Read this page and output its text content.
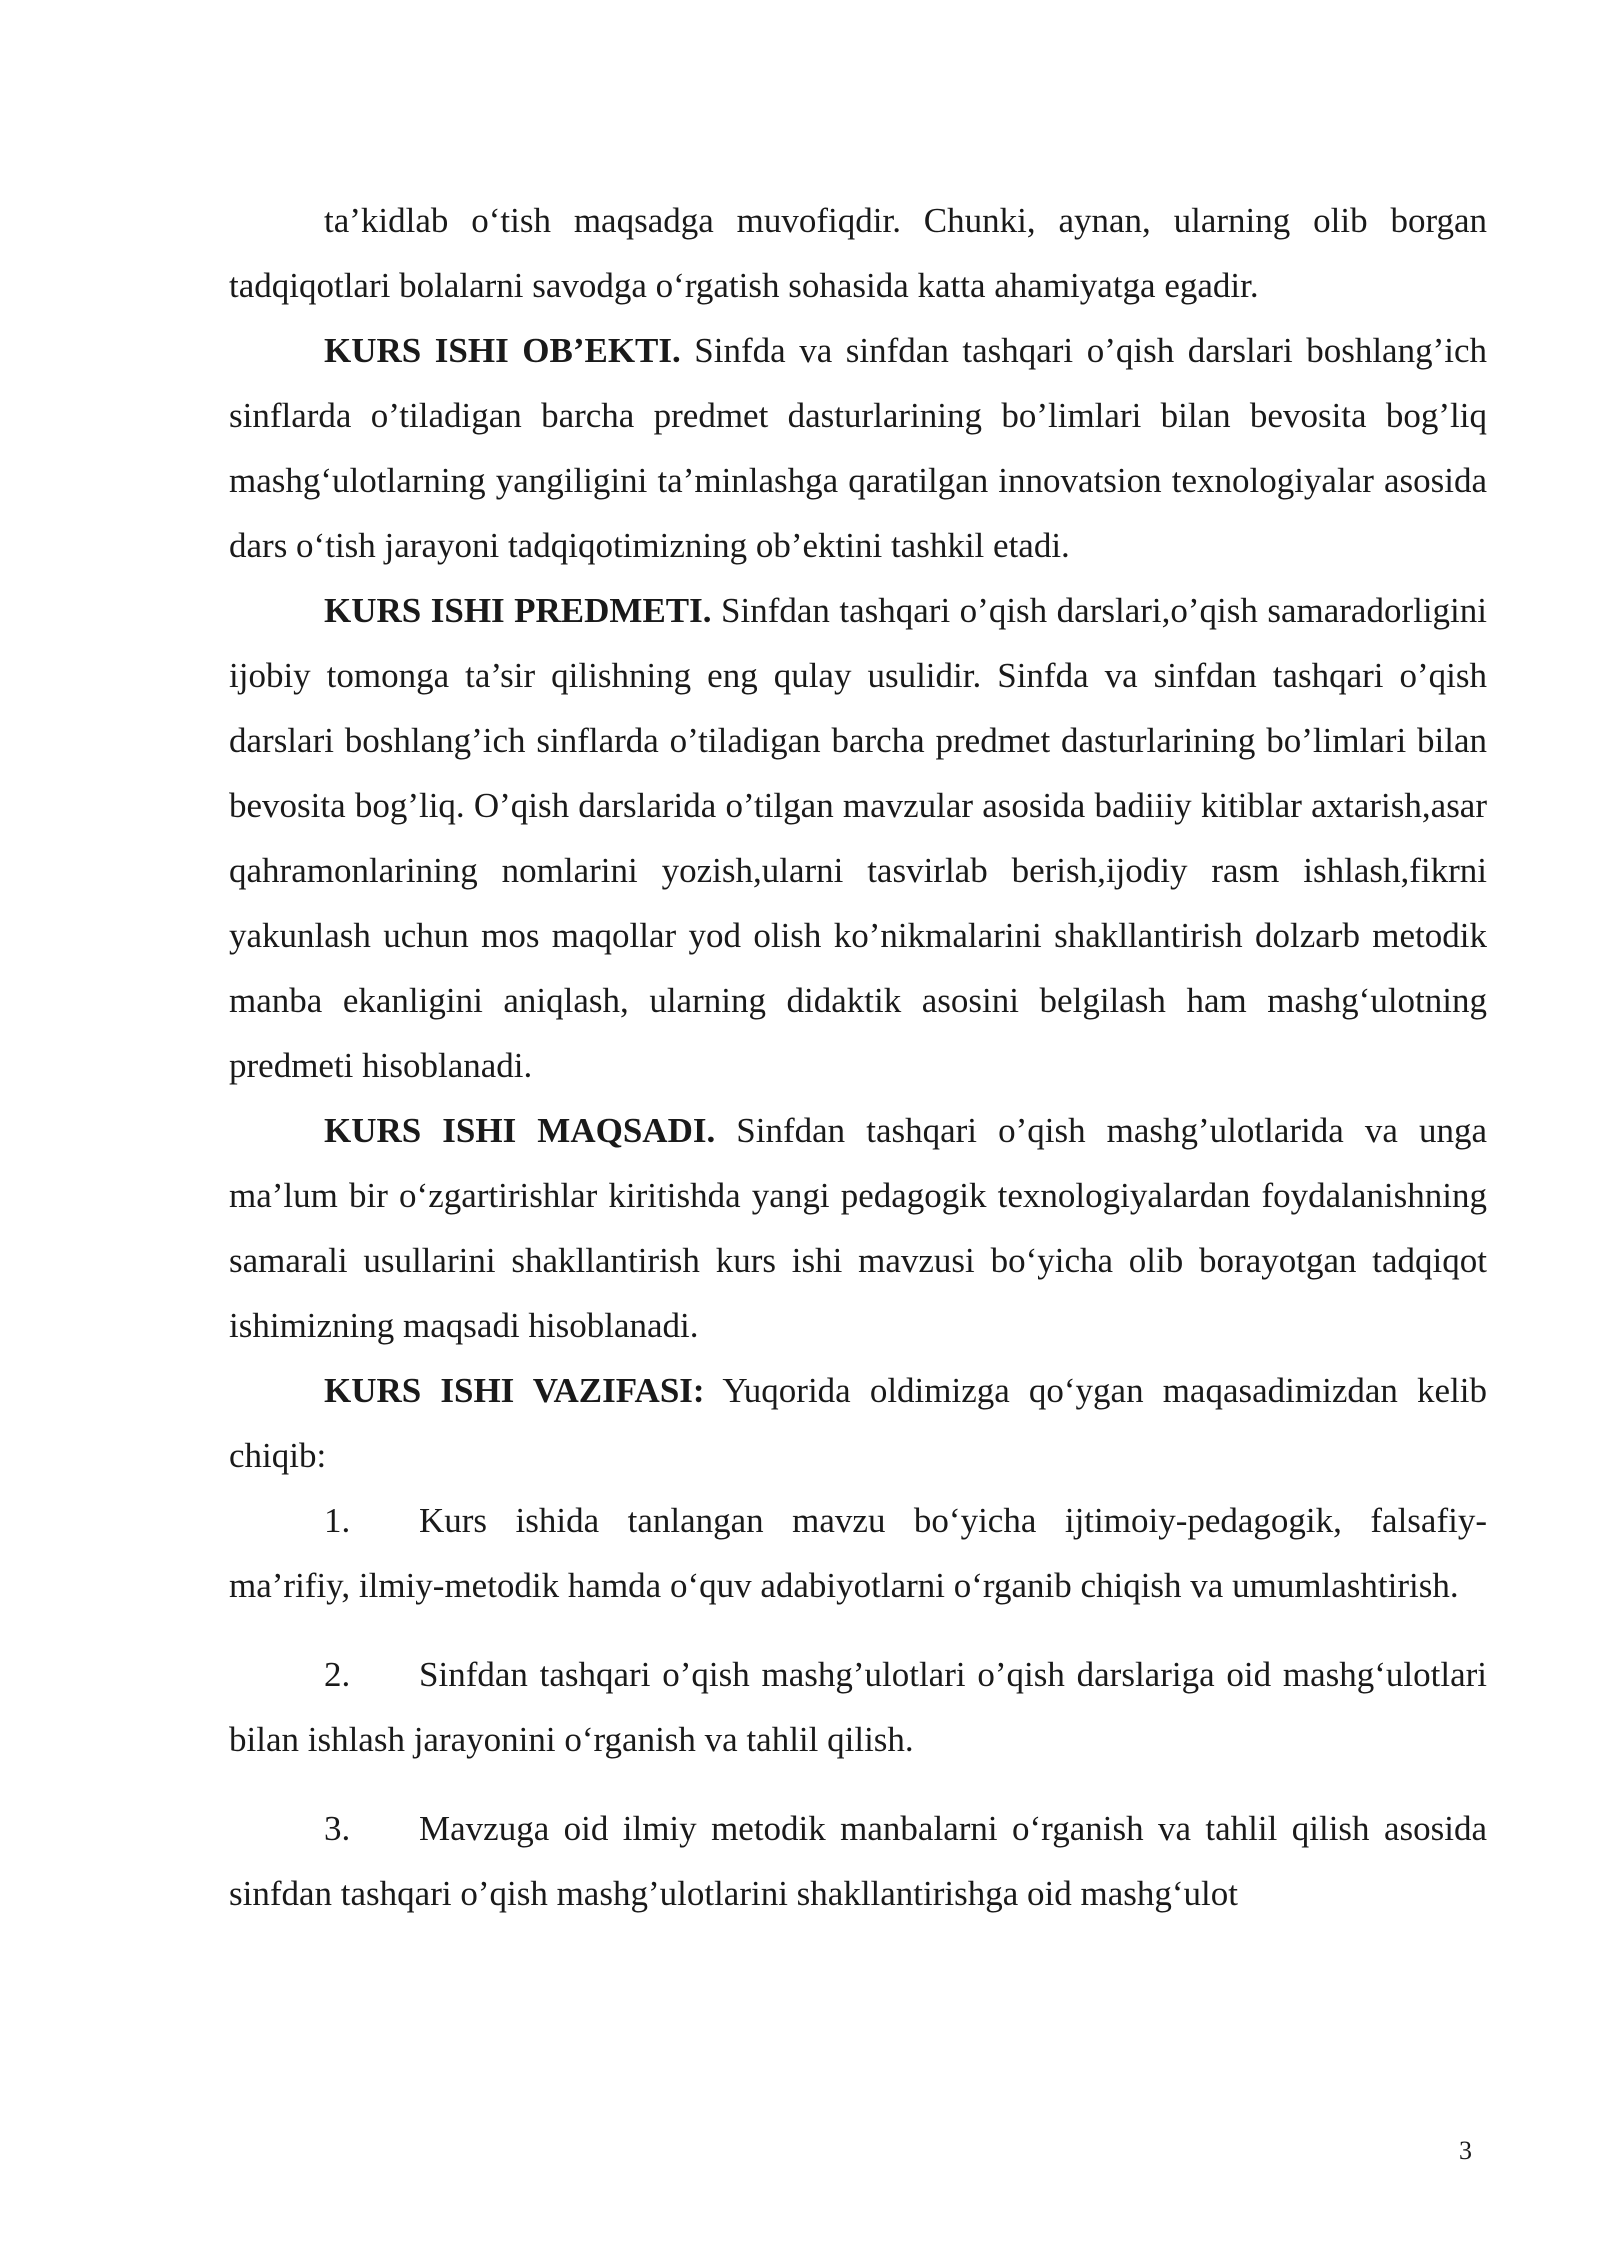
ta’kidlab o‘tish maqsadga muvofiqdir. Chunki, aynan, ularning olib borgan tadqiqotlari bolalarni savodga o‘rgatish sohasida katta ahamiyatga egadir.

KURS ISHI OB’EKTI. Sinfda va sinfdan tashqari o’qish darslari boshlang’ich sinflarda o’tiladigan barcha predmet dasturlarining bo’limlari bilan bevosita bog’liq mashg‘ulotlarning yangiligini ta’minlashga qaratilgan innovatsion texnologiyalar asosida dars o‘tish jarayoni tadqiqotimizning ob’ektini tashkil etadi.

KURS ISHI PREDMETI. Sinfdan tashqari o’qish darslari,o’qish samaradorligini ijobiy tomonga ta’sir qilishning eng qulay usulidir. Sinfda va sinfdan tashqari o’qish darslari boshlang’ich sinflarda o’tiladigan barcha predmet dasturlarining bo’limlari bilan bevosita bog’liq. O’qish darslarida o’tilgan mavzular asosida badiiiy kitiblar axtarish,asar qahramonlarining nomlarini yozish,ularni tasvirlab berish,ijodiy rasm ishlash,fikrni yakunlash uchun mos maqollar yod olish ko’nikmalarini shakllantirish dolzarb metodik manba ekanligini aniqlash, ularning didaktik asosini belgilash ham mashg‘ulotning predmeti hisoblanadi.

KURS ISHI MAQSADI. Sinfdan tashqari o’qish mashg’ulotlarida va unga ma’lum bir o‘zgartirishlar kiritishda yangi pedagogik texnologiyalardan foydalanishning samarali usullarini shakllantirish kurs ishi mavzusi bo‘yicha olib borayotgan tadqiqot ishimizning maqsadi hisoblanadi.

KURS ISHI VAZIFASI: Yuqorida oldimizga qo‘ygan maqasadimizdan kelib chiqib:

1. Kurs ishida tanlangan mavzu bo‘yicha ijtimoiy-pedagogik, falsafiy-ma’rifiy, ilmiy-metodik hamda o‘quv adabiyotlarni o‘rganib chiqish va umumlashtirish.

2. Sinfdan tashqari o’qish mashg’ulotlari o’qish darslariga oid mashg‘ulotlari bilan ishlash jarayonini o‘rganish va tahlil qilish.

3. Mavzuga oid ilmiy metodik manbalarni o‘rganish va tahlil qilish asosida sinfdan tashqari o’qish mashg’ulotlarini shakllantirishga oid mashg‘ulot

3
